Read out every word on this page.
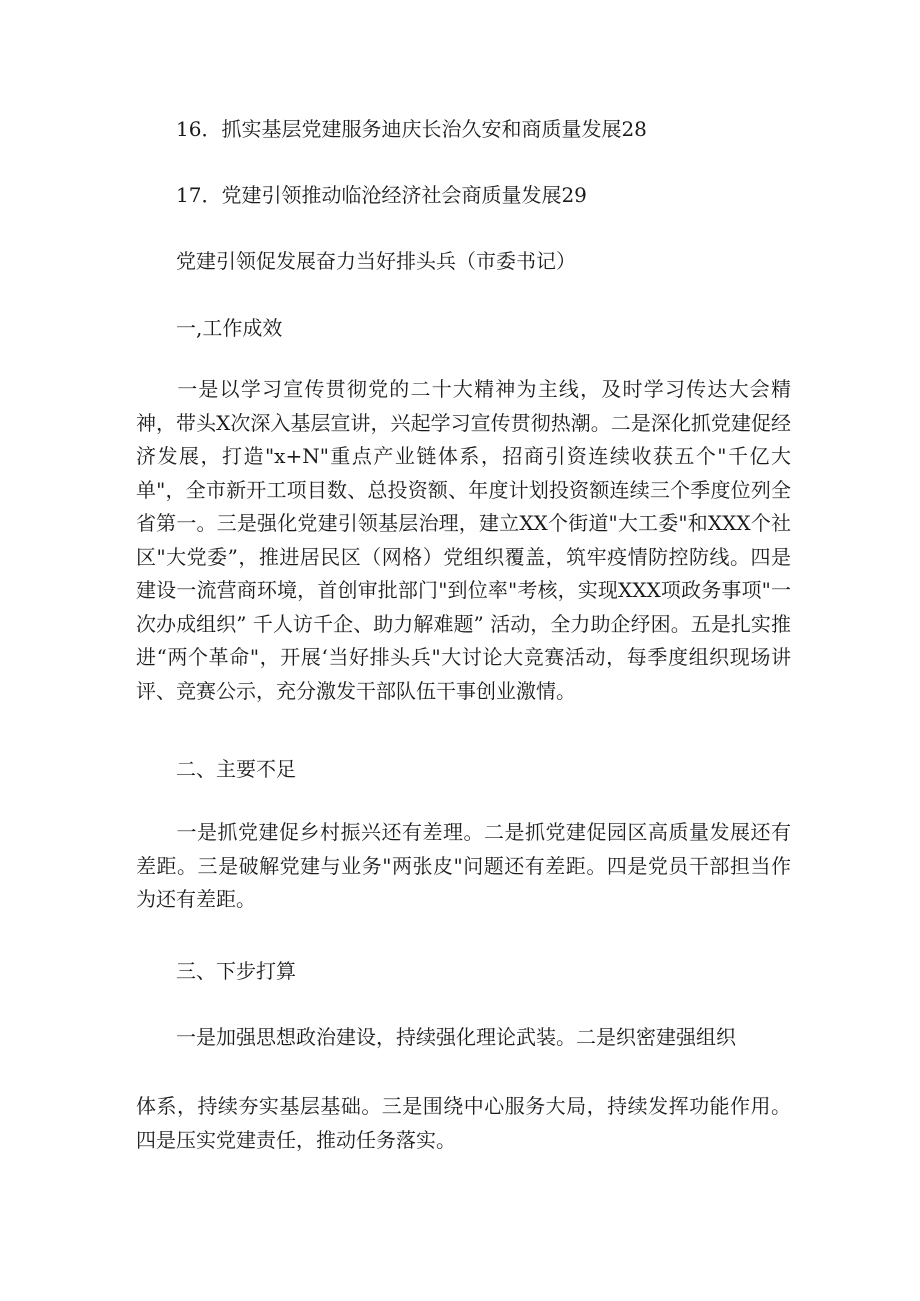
16．抓实基层党建服务迪庆长治久安和商质量发展28
17．党建引领推动临沧经济社会商质量发展29
党建引领促发展奋力当好排头兵（市委书记）
一,工作成效
一是以学习宣传贯彻党的二十大精神为主线，及时学习传达大会精神，带头X次深入基层宣讲，兴起学习宣传贯彻热潮。二是深化抓党建促经济发展，打造"x+N"重点产业链体系，招商引资连续收获五个"千亿大单"，全市新开工项目数、总投资额、年度计划投资额连续三个季度位列全省第一。三是强化党建引领基层治理，建立XX个街道"大工委"和XXX个社区"大党委”，推进居民区（网格）党组织覆盖，筑牢疫情防控防线。四是建设一流营商环境，首创审批部门"到位率"考核，实现XXX项政务事项"一次办成组织” 千人访千企、助力解难题” 活动，全力助企纾困。五是扎实推进“两个革命"，开展‘当好排头兵"大讨论大竞赛活动，每季度组织现场讲评、竞赛公示，充分激发干部队伍干事创业激情。
二、主要不足
一是抓党建促乡村振兴还有差理。二是抓党建促园区高质量发展还有差距。三是破解党建与业务"两张皮"问题还有差距。四是党员干部担当作为还有差距。
三、下步打算
一是加强思想政治建设，持续强化理论武装。二是织密建强组织
体系，持续夯实基层基础。三是围绕中心服务大局，持续发挥功能作用。四是压实党建责任，推动任务落实。
